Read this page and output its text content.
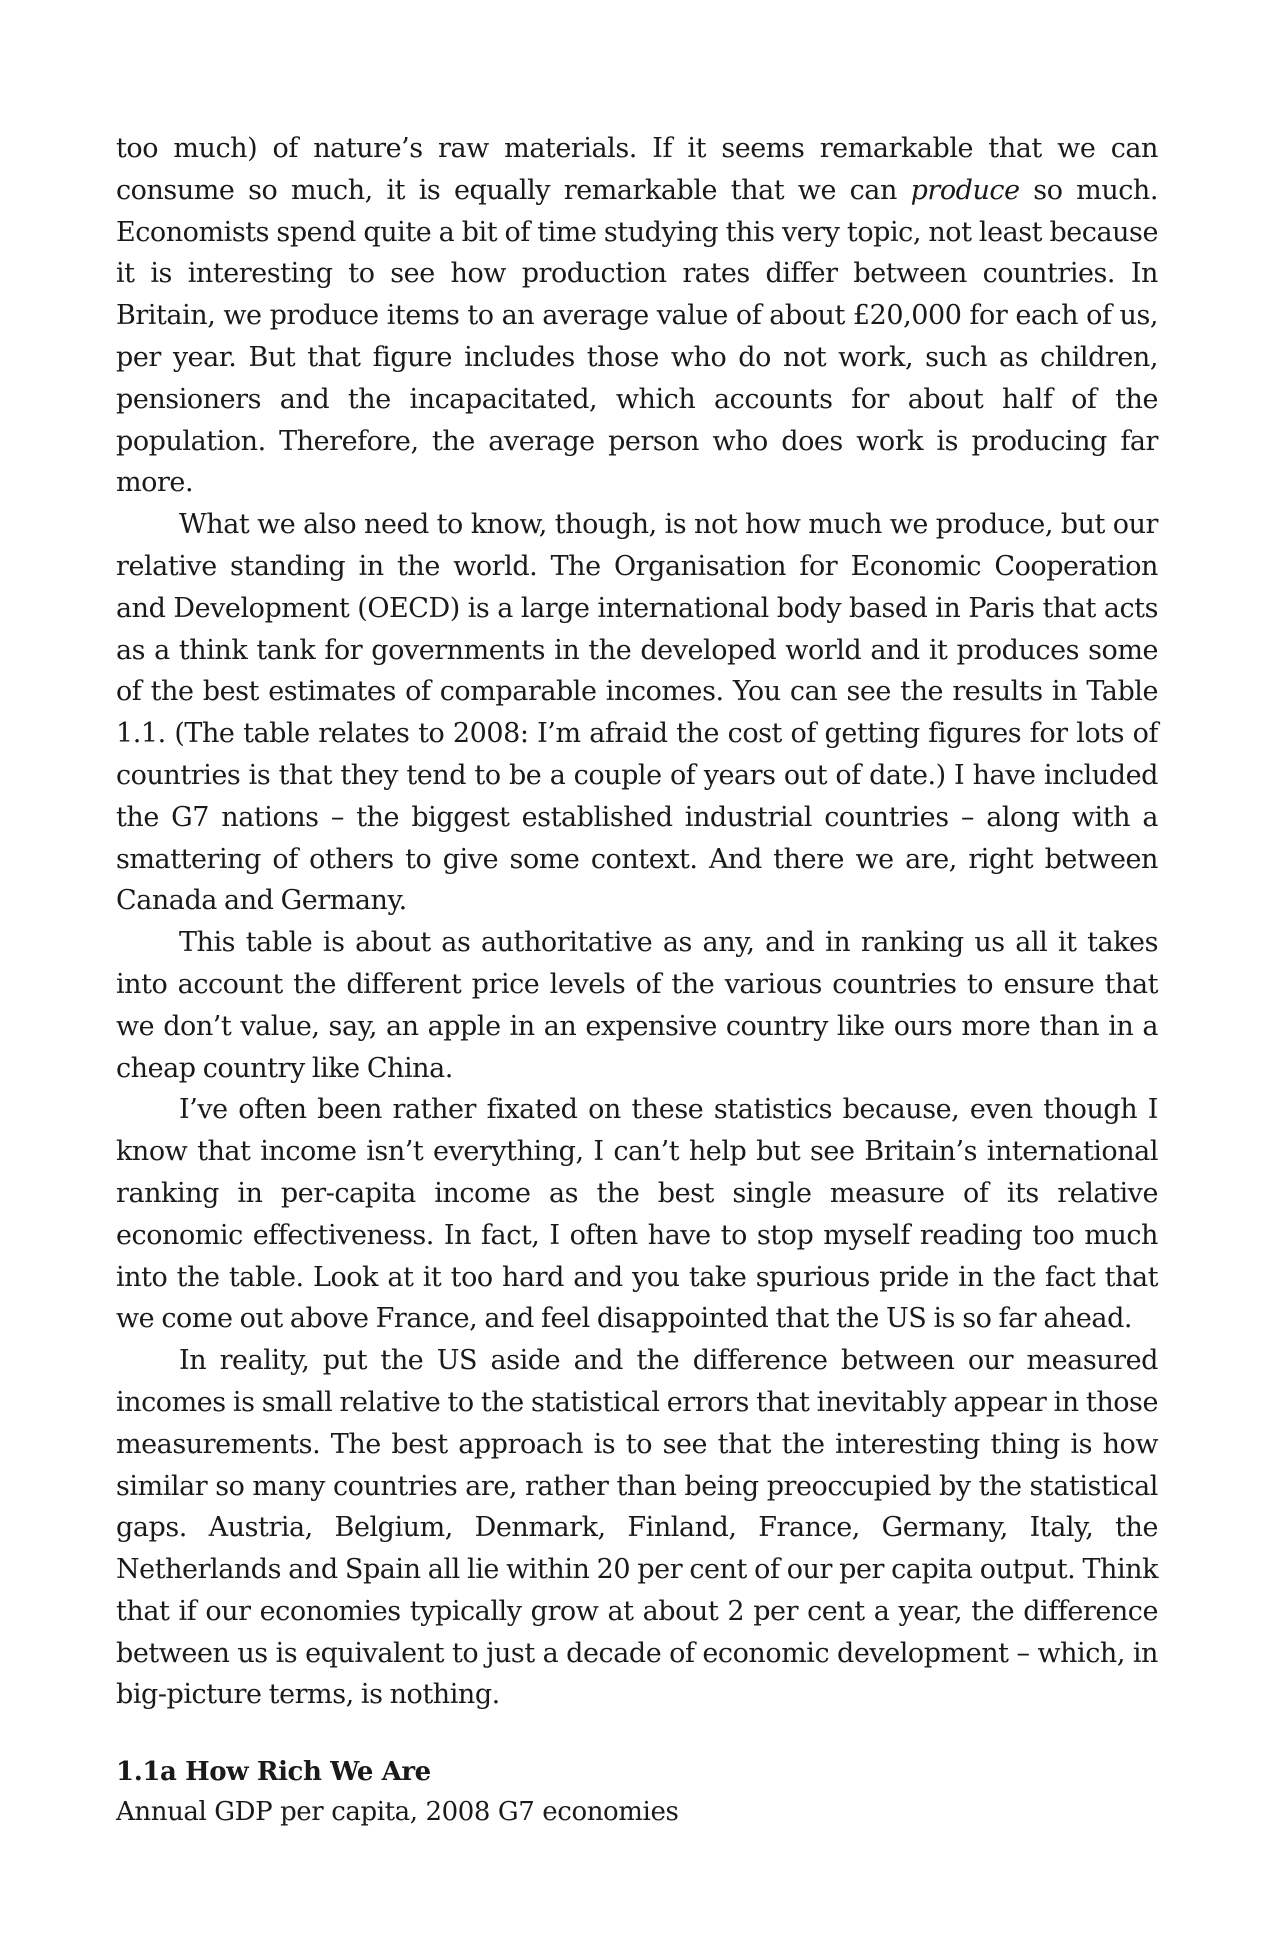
too much) of nature’s raw materials. If it seems remarkable that we can consume so much, it is equally remarkable that we can produce so much. Economists spend quite a bit of time studying this very topic, not least because it is interesting to see how production rates differ between countries. In Britain, we produce items to an average value of about £20,000 for each of us, per year. But that figure includes those who do not work, such as children, pensioners and the incapacitated, which accounts for about half of the population. Therefore, the average person who does work is producing far more.

What we also need to know, though, is not how much we produce, but our relative standing in the world. The Organisation for Economic Cooperation and Development (OECD) is a large international body based in Paris that acts as a think tank for governments in the developed world and it produces some of the best estimates of comparable incomes. You can see the results in Table 1.1. (The table relates to 2008: I’m afraid the cost of getting figures for lots of countries is that they tend to be a couple of years out of date.) I have included the G7 nations – the biggest established industrial countries – along with a smattering of others to give some context. And there we are, right between Canada and Germany.

This table is about as authoritative as any, and in ranking us all it takes into account the different price levels of the various countries to ensure that we don’t value, say, an apple in an expensive country like ours more than in a cheap country like China.

I’ve often been rather fixated on these statistics because, even though I know that income isn’t everything, I can’t help but see Britain’s international ranking in per-capita income as the best single measure of its relative economic effectiveness. In fact, I often have to stop myself reading too much into the table. Look at it too hard and you take spurious pride in the fact that we come out above France, and feel disappointed that the US is so far ahead.

In reality, put the US aside and the difference between our measured incomes is small relative to the statistical errors that inevitably appear in those measurements. The best approach is to see that the interesting thing is how similar so many countries are, rather than being preoccupied by the statistical gaps. Austria, Belgium, Denmark, Finland, France, Germany, Italy, the Netherlands and Spain all lie within 20 per cent of our per capita output. Think that if our economies typically grow at about 2 per cent a year, the difference between us is equivalent to just a decade of economic development – which, in big-picture terms, is nothing.

1.1a How Rich We Are

Annual GDP per capita, 2008 G7 economies
